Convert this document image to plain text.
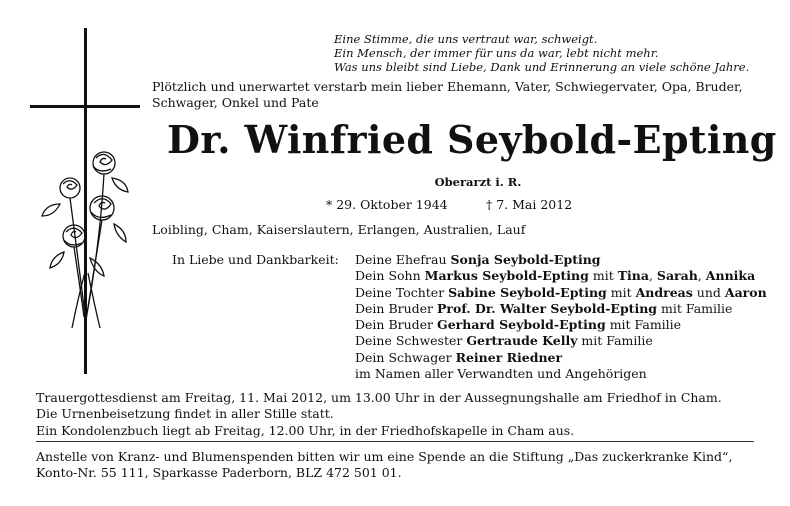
Eine Stimme, die uns vertraut war, schweigt.
Ein Mensch, der immer für uns da war, lebt nicht mehr.
Was uns bleibt sind Liebe, Dank und Erinnerung an viele schöne Jahre.
Plötzlich und unerwartet verstarb mein lieber Ehemann, Vater, Schwiegervater, Opa, Bruder, Schwager, Onkel und Pate
Dr. Winfried Seybold-Epting
Oberarzt i. R.
* 29. Oktober 1944	† 7. Mai 2012
Loibling, Cham, Kaiserslautern, Erlangen, Australien, Lauf
In Liebe und Dankbarkeit: Deine Ehefrau Sonja Seybold-Epting
Dein Sohn Markus Seybold-Epting mit Tina, Sarah, Annika
Deine Tochter Sabine Seybold-Epting mit Andreas und Aaron
Dein Bruder Prof. Dr. Walter Seybold-Epting mit Familie
Dein Bruder Gerhard Seybold-Epting mit Familie
Deine Schwester Gertraude Kelly mit Familie
Dein Schwager Reiner Riedner
im Namen aller Verwandten und Angehörigen
Trauergottesdienst am Freitag, 11. Mai 2012, um 13.00 Uhr in der Aussegnungshalle am Friedhof in Cham.
Die Urnenbeisetzung findet in aller Stille statt.
Ein Kondolenzbuch liegt ab Freitag, 12.00 Uhr, in der Friedhofskapelle in Cham aus.
Anstelle von Kranz- und Blumenspenden bitten wir um eine Spende an die Stiftung „Das zuckerkranke Kind“, Konto-Nr. 55 111, Sparkasse Paderborn, BLZ 472 501 01.
